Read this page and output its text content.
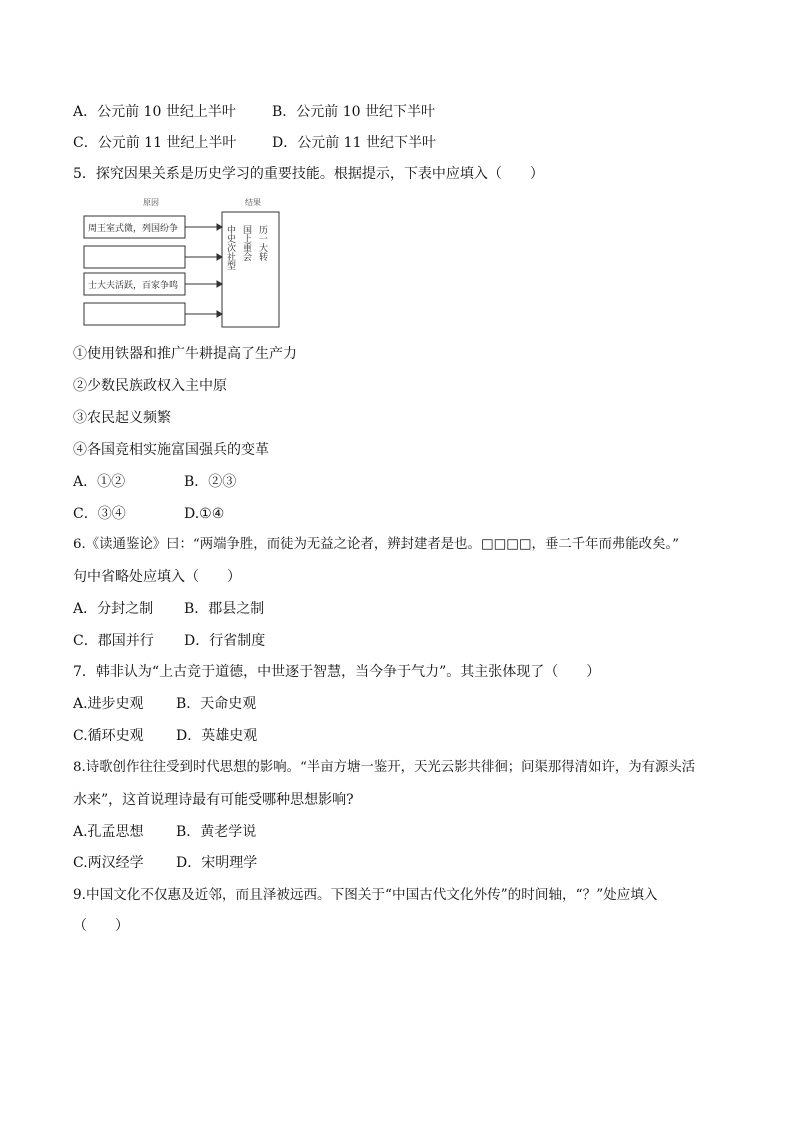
A．公元前 10 世纪上半叶	B．公元前 10 世纪下半叶
C．公元前 11 世纪上半叶	D．公元前 11 世纪下半叶
5．探究因果关系是历史学习的重要技能。根据提示，下表中应填入（　　）
原因	结果
周王室式微，列国纷争
士大夫活跃，百家争鸣
中史次社型 国上重会 历一大转
①使用铁器和推广牛耕提高了生产力
②少数民族政权入主中原
③农民起义频繁
④各国竞相实施富国强兵的变革
A．①②	B．②③
C．③④	D.①④
6.《读通鉴论》曰：“两端争胜，而徒为无益之论者，辨封建者是也。□□□□，垂二千年而弗能改矣。”
句中省略处应填入（　　）
A．分封之制 B．郡县之制
C．郡国并行 D．行省制度
7．韩非认为“上古竞于道德，中世逐于智慧，当今争于气力”。其主张体现了（　　）
A.进步史观 B．天命史观
C.循环史观 D．英雄史观
8.诗歌创作往往受到时代思想的影响。“半亩方塘一鉴开，天光云影共徘徊；问渠那得清如许，为有源头活
水来”，这首说理诗最有可能受哪种思想影响?
A.孔孟思想 B．黄老学说
C.两汉经学 D．宋明理学
9.中国文化不仅惠及近邻，而且泽被远西。下图关于“中国古代文化外传”的时间轴，“？”处应填入
（　　）
